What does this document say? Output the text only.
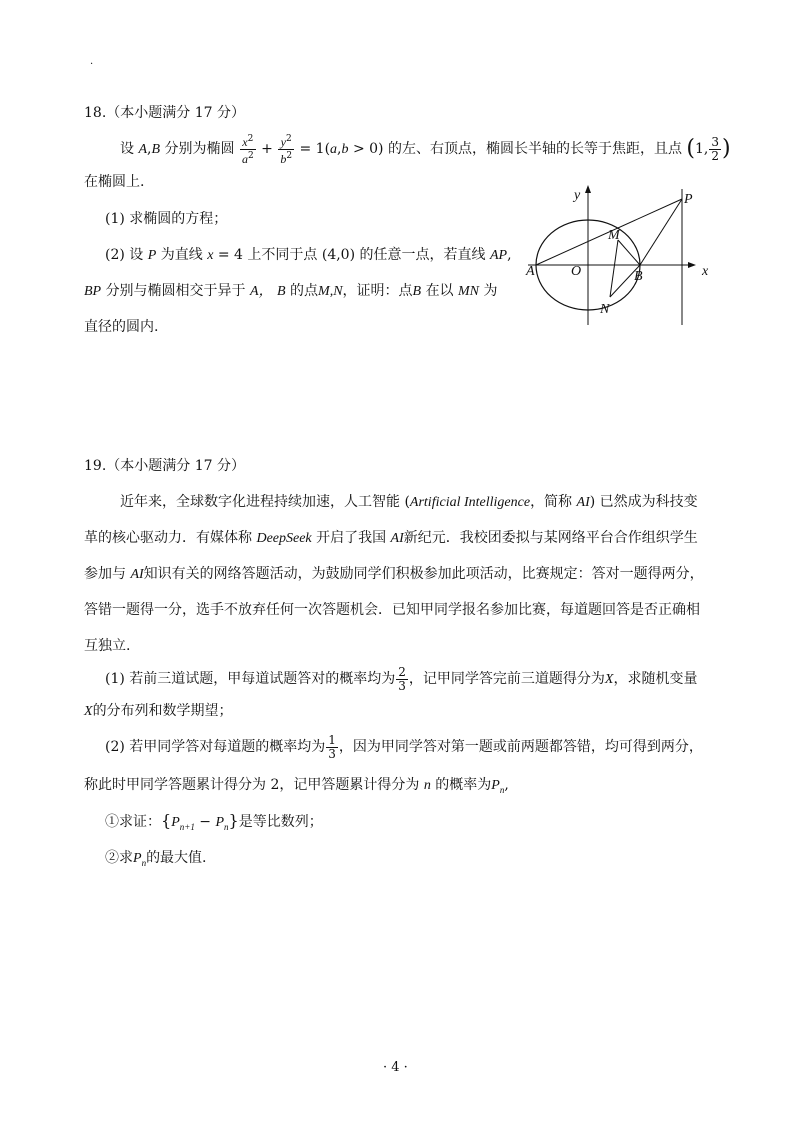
.
18.（本小题满分 17 分）
设 A,B 分别为椭圆 $\frac{x^2}{a^2} + \frac{y^2}{b^2} = 1(a,b > 0)$ 的左、右顶点，椭圆长半轴的长等于焦距，且点 (1, $\frac{3}{2}$ )
在椭圆上.
(1) 求椭圆的方程；
(2) 设 P 为直线 x = 4 上不同于点 (4,0) 的任意一点，若直线 AP,
BP 分别与椭圆相交于异于 A， B 的点M,N，证明：点B 在以 MN 为
直径的圆内.
y
x
P
M
A	O	B
N
19.（本小题满分 17 分）
近年来，全球数字化进程持续加速，人工智能 (Artificial Intelligence，简称 AI) 已然成为科技变
革的核心驱动力．有媒体称 DeepSeek 开启了我国 AI新纪元．我校团委拟与某网络平台合作组织学生
参加与 AI知识有关的网络答题活动，为鼓励同学们积极参加此项活动，比赛规定：答对一题得两分，
答错一题得一分，选手不放弃任何一次答题机会．已知甲同学报名参加比赛，每道题回答是否正确相
互独立.
(1) 若前三道试题，甲每道试题答对的概率均为 $\frac{2}{3}$ ，记甲同学答完前三道题得分为X，求随机变量
X的分布列和数学期望；
(2) 若甲同学答对每道题的概率均为 $\frac{1}{3}$ ，因为甲同学答对第一题或前两题都答错，均可得到两分，
称此时甲同学答题累计得分为 2，记甲答题累计得分为 n 的概率为$P_n$,
①求证：$\{P_{n+1} - P_n\}$是等比数列；
②求$P_n$的最大值.
· 4 ·
